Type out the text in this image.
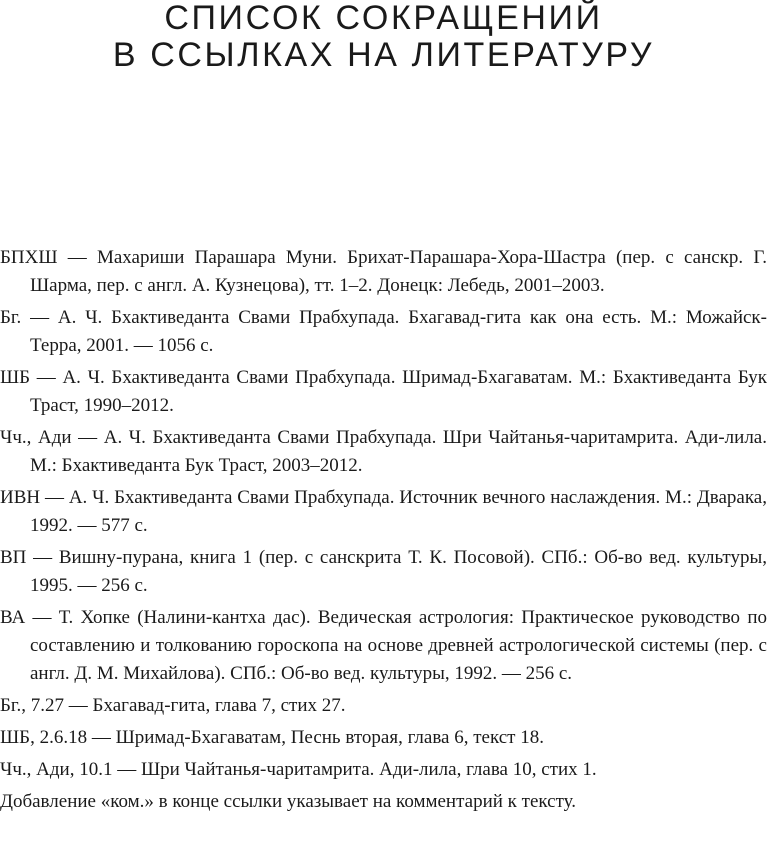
СПИСОК СОКРАЩЕНИЙ
В ССЫЛКАХ НА ЛИТЕРАТУРУ

БПХШ — Махариши Парашара Муни. Брихат-Парашара-Хора-Шастра (пер. с санскр. Г. Шарма, пер. с англ. А. Кузнецова), тт. 1–2. Донецк: Лебедь, 2001–2003.

Бг. — А. Ч. Бхактиведанта Свами Прабхупада. Бхагавад-гита как она есть. М.: Можайск-Терра, 2001. — 1056 с.

ШБ — А. Ч. Бхактиведанта Свами Прабхупада. Шримад-Бхагаватам. М.: Бхактиведанта Бук Траст, 1990–2012.

Чч., Ади — А. Ч. Бхактиведанта Свами Прабхупада. Шри Чайтанья-чаритамрита. Ади-лила. М.: Бхактиведанта Бук Траст, 2003–2012.

ИВН — А. Ч. Бхактиведанта Свами Прабхупада. Источник вечного наслаждения. М.: Дварака, 1992. — 577 с.

ВП — Вишну-пурана, книга 1 (пер. с санскрита Т. К. Посовой). СПб.: Об-во вед. культуры, 1995. — 256 с.

ВА — Т. Хопке (Налини-кантха дас). Ведическая астрология: Практическое руководство по составлению и толкованию гороскопа на основе древней астрологической системы (пер. с англ. Д. М. Михайлова). СПб.: Об-во вед. культуры, 1992. — 256 с.

Бг., 7.27 — Бхагавад-гита, глава 7, стих 27.

ШБ, 2.6.18 — Шримад-Бхагаватам, Песнь вторая, глава 6, текст 18.

Чч., Ади, 10.1 — Шри Чайтанья-чаритамрита. Ади-лила, глава 10, стих 1.

Добавление «ком.» в конце ссылки указывает на комментарий к тексту.
